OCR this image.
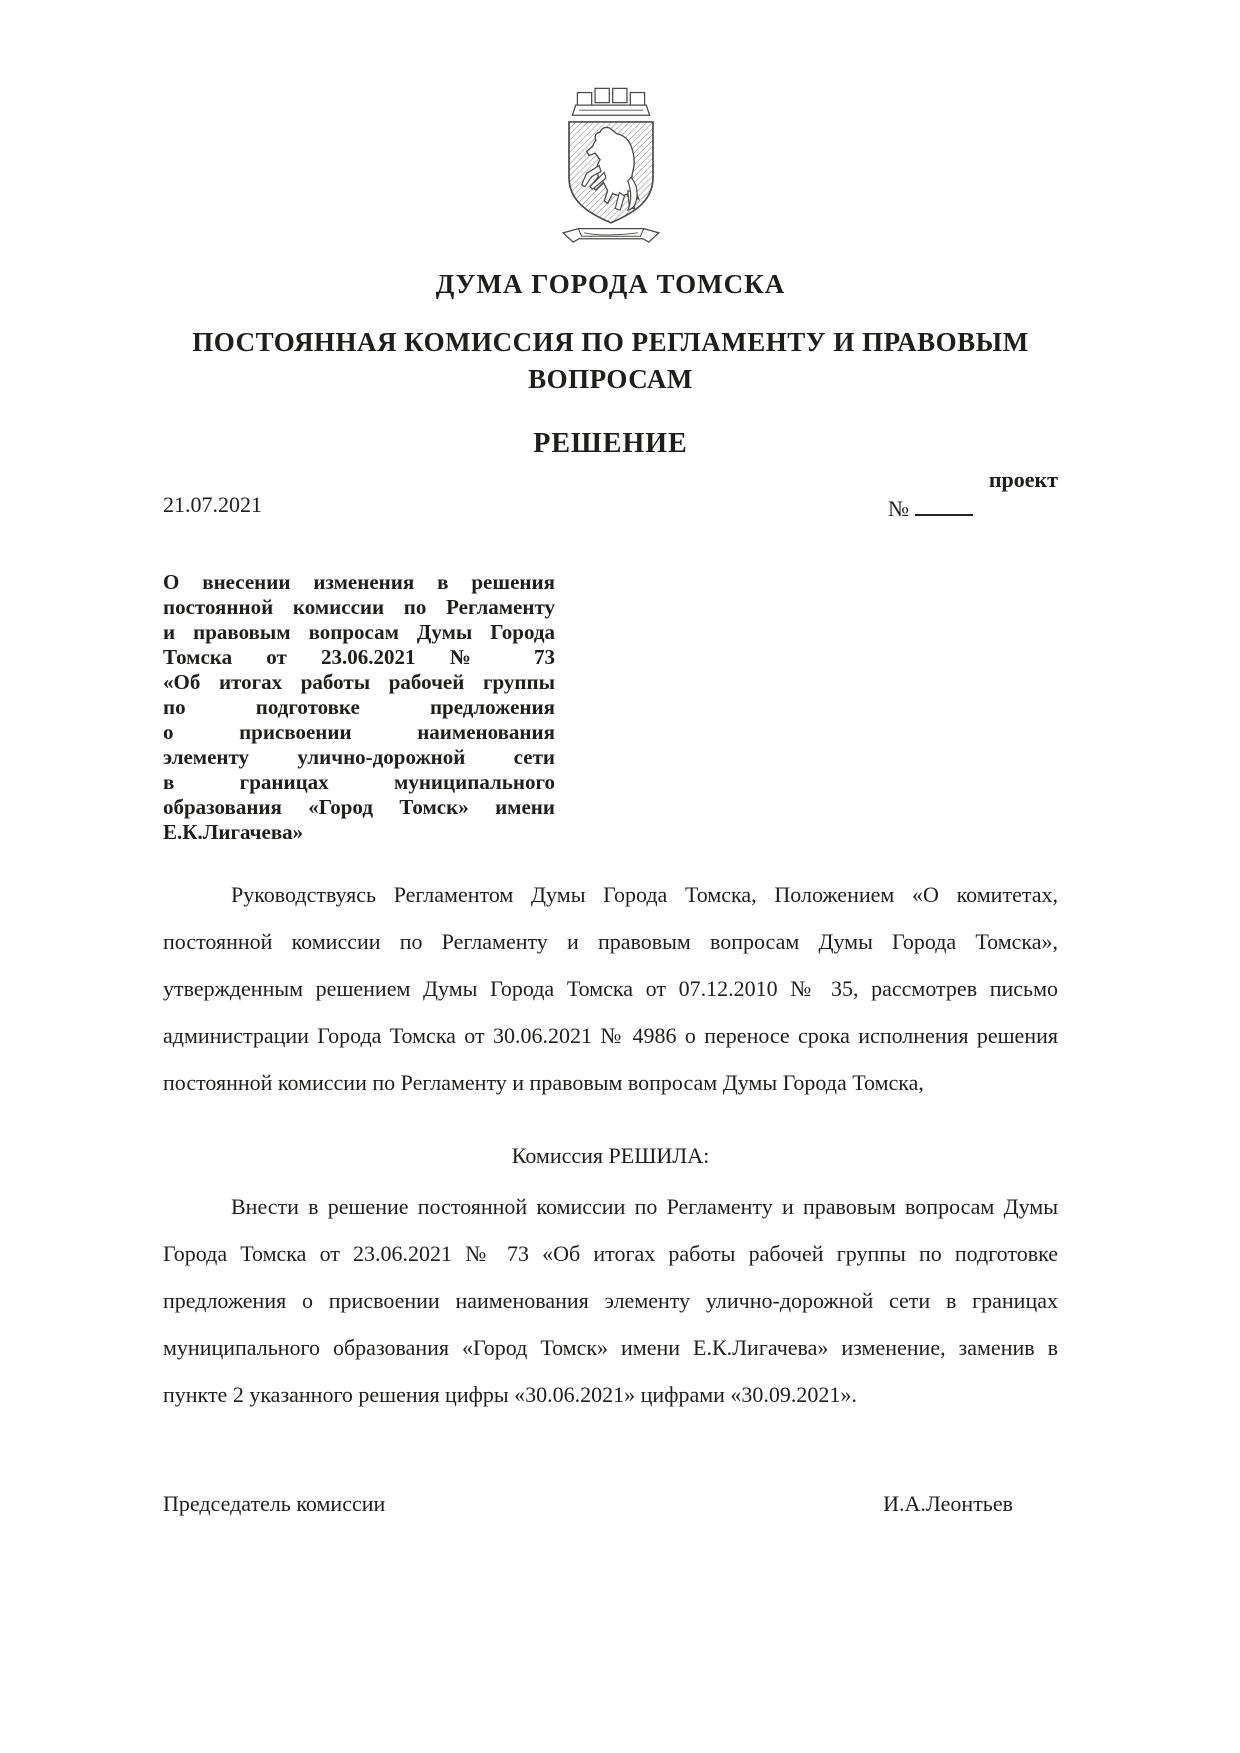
ДУМА ГОРОДА ТОМСКА
ПОСТОЯННАЯ КОМИССИЯ ПО РЕГЛАМЕНТУ И ПРАВОВЫМ ВОПРОСАМ
РЕШЕНИЕ
проект
21.07.2021	№
О внесении изменения в решения
постоянной комиссии по Регламенту
и правовым вопросам Думы Города
Томска от 23.06.2021 № 73
«Об итогах работы рабочей группы
по подготовке предложения
о присвоении наименования
элементу улично-дорожной сети
в границах муниципального
образования «Город Томск» имени
Е.К.Лигачева»
Руководствуясь Регламентом Думы Города Томска, Положением «О комитетах, постоянной комиссии по Регламенту и правовым вопросам Думы Города Томска», утвержденным решением Думы Города Томска от 07.12.2010 № 35, рассмотрев письмо администрации Города Томска от 30.06.2021 № 4986 о переносе срока исполнения решения постоянной комиссии по Регламенту и правовым вопросам Думы Города Томска,
Комиссия РЕШИЛА:
Внести в решение постоянной комиссии по Регламенту и правовым вопросам Думы Города Томска от 23.06.2021 № 73 «Об итогах работы рабочей группы по подготовке предложения о присвоении наименования элементу улично-дорожной сети в границах муниципального образования «Город Томск» имени Е.К.Лигачева» изменение, заменив в пункте 2 указанного решения цифры «30.06.2021» цифрами «30.09.2021».
Председатель комиссии	И.А.Леонтьев
